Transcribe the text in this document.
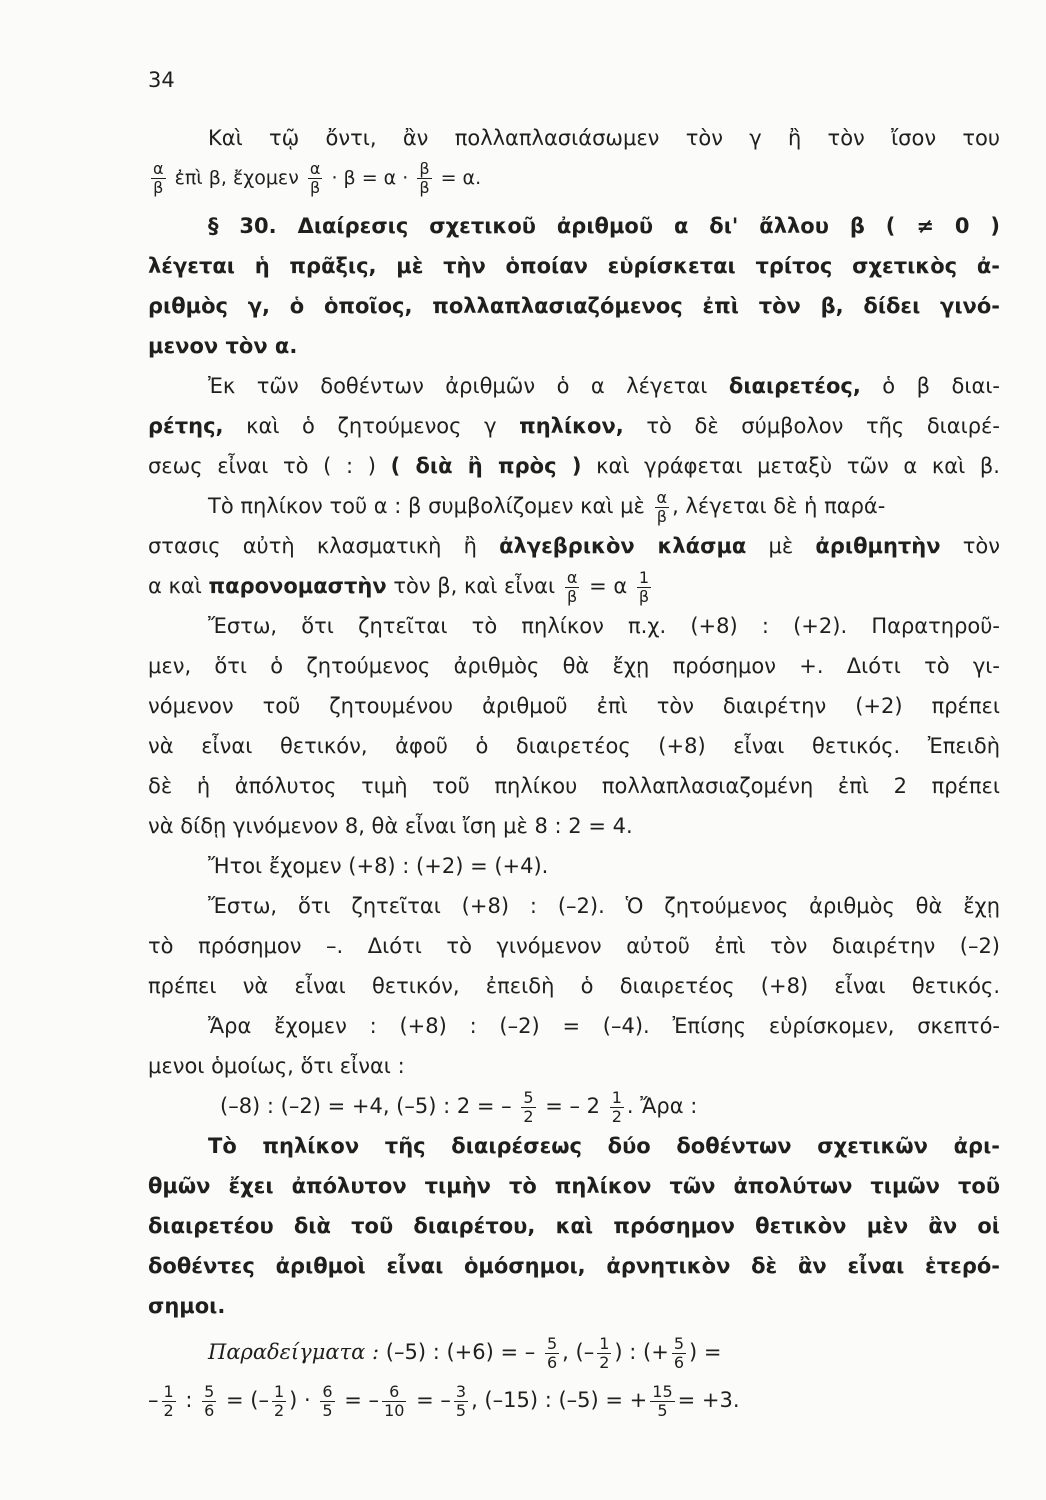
34
Καὶ τῷ ὄντι, ἂν πολλαπλασιάσωμεν τὸν γ ἢ τὸν ἴσον του
$\frac{\alpha}{\beta}$ ἐπὶ β, ἔχομεν $\frac{\alpha}{\beta} \cdot \beta = \alpha \cdot \frac{\beta}{\beta} = \alpha$.
§ 30. Διαίρεσις σχετικοῦ ἀριθμοῦ α δι' ἄλλου β ( ≠ 0 )
λέγεται ἡ πρᾶξις, μὲ τὴν ὁποίαν εὑρίσκεται τρίτος σχετικὸς ἀ-
ριθμὸς γ, ὁ ὁποῖος, πολλαπλασιαζόμενος ἐπὶ τὸν β, δίδει γινό-
μενον τὸν α.
Ἐκ τῶν δοθέντων ἀριθμῶν ὁ α λέγεται διαιρετέος, ὁ β διαι-
ρέτης, καὶ ὁ ζητούμενος γ πηλίκον, τὸ δὲ σύμβολον τῆς διαιρέ-
σεως εἶναι τὸ ( : ) ( διὰ ἢ πρὸς ) καὶ γράφεται μεταξὺ τῶν α καὶ β.
Τὸ πηλίκον τοῦ α : β συμβολίζομεν καὶ μὲ $\frac{\alpha}{\beta}$ , λέγεται δὲ ἡ παρά-
στασις αὐτὴ κλασματικὴ ἢ ἀλγεβρικὸν κλάσμα μὲ ἀριθμητὴν τὸν
α καὶ παρονομαστὴν τὸν β, καὶ εἶναι $\frac{\alpha}{\beta} = \alpha \frac{1}{\beta}$
Ἔστω, ὅτι ζητεῖται τὸ πηλίκον π.χ. (+8) : (+2). Παρατηροῦ-
μεν, ὅτι ὁ ζητούμενος ἀριθμὸς θὰ ἔχῃ πρόσημον +. Διότι τὸ γι-
νόμενον τοῦ ζητουμένου ἀριθμοῦ ἐπὶ τὸν διαιρέτην (+2) πρέπει
νὰ εἶναι θετικόν, ἀφοῦ ὁ διαιρετέος (+8) εἶναι θετικός. Ἐπειδὴ
δὲ ἡ ἀπόλυτος τιμὴ τοῦ πηλίκου πολλαπλασιαζομένη ἐπὶ 2 πρέπει
νὰ δίδῃ γινόμενον 8, θὰ εἶναι ἴση μὲ 8 : 2 = 4.
Ἤτοι ἔχομεν (+8) : (+2) = (+4).
Ἔστω, ὅτι ζητεῖται (+8) : (–2). Ὁ ζητούμενος ἀριθμὸς θὰ ἔχῃ
τὸ πρόσημον –. Διότι τὸ γινόμενον αὐτοῦ ἐπὶ τὸν διαιρέτην (–2)
πρέπει νὰ εἶναι θετικόν, ἐπειδὴ ὁ διαιρετέος (+8) εἶναι θετικός.
Ἄρα ἔχομεν : (+8) : (–2) = (–4). Ἐπίσης εὑρίσκομεν, σκεπτό-
μενοι ὁμοίως, ὅτι εἶναι :
(–8) : (–2) = +4, (–5) : 2 = – $\frac{5}{2}$ = – $2 \frac{1}{2}$ . Ἄρα :
Τὸ πηλίκον τῆς διαιρέσεως δύο δοθέντων σχετικῶν ἀρι-
θμῶν ἔχει ἀπόλυτον τιμὴν τὸ πηλίκον τῶν ἀπολύτων τιμῶν τοῦ
διαιρετέου διὰ τοῦ διαιρέτου, καὶ πρόσημον θετικὸν μὲν ἂν οἱ
δοθέντες ἀριθμοὶ εἶναι ὁμόσημοι, ἀρνητικὸν δὲ ἂν εἶναι ἑτερό-
σημοι.
Παραδείγματα : (–5) : (+6) = – $\frac{5}{6}$ , (– $\frac{1}{2}$ ) : (+ $\frac{5}{6}$ ) =
– $\frac{1}{2}$ : $\frac{5}{6}$ = (– $\frac{1}{2}$ ) · $\frac{6}{5}$ = – $\frac{6}{10}$ = – $\frac{3}{5}$ , (–15) : (–5) = + $\frac{15}{5} = +3$.
